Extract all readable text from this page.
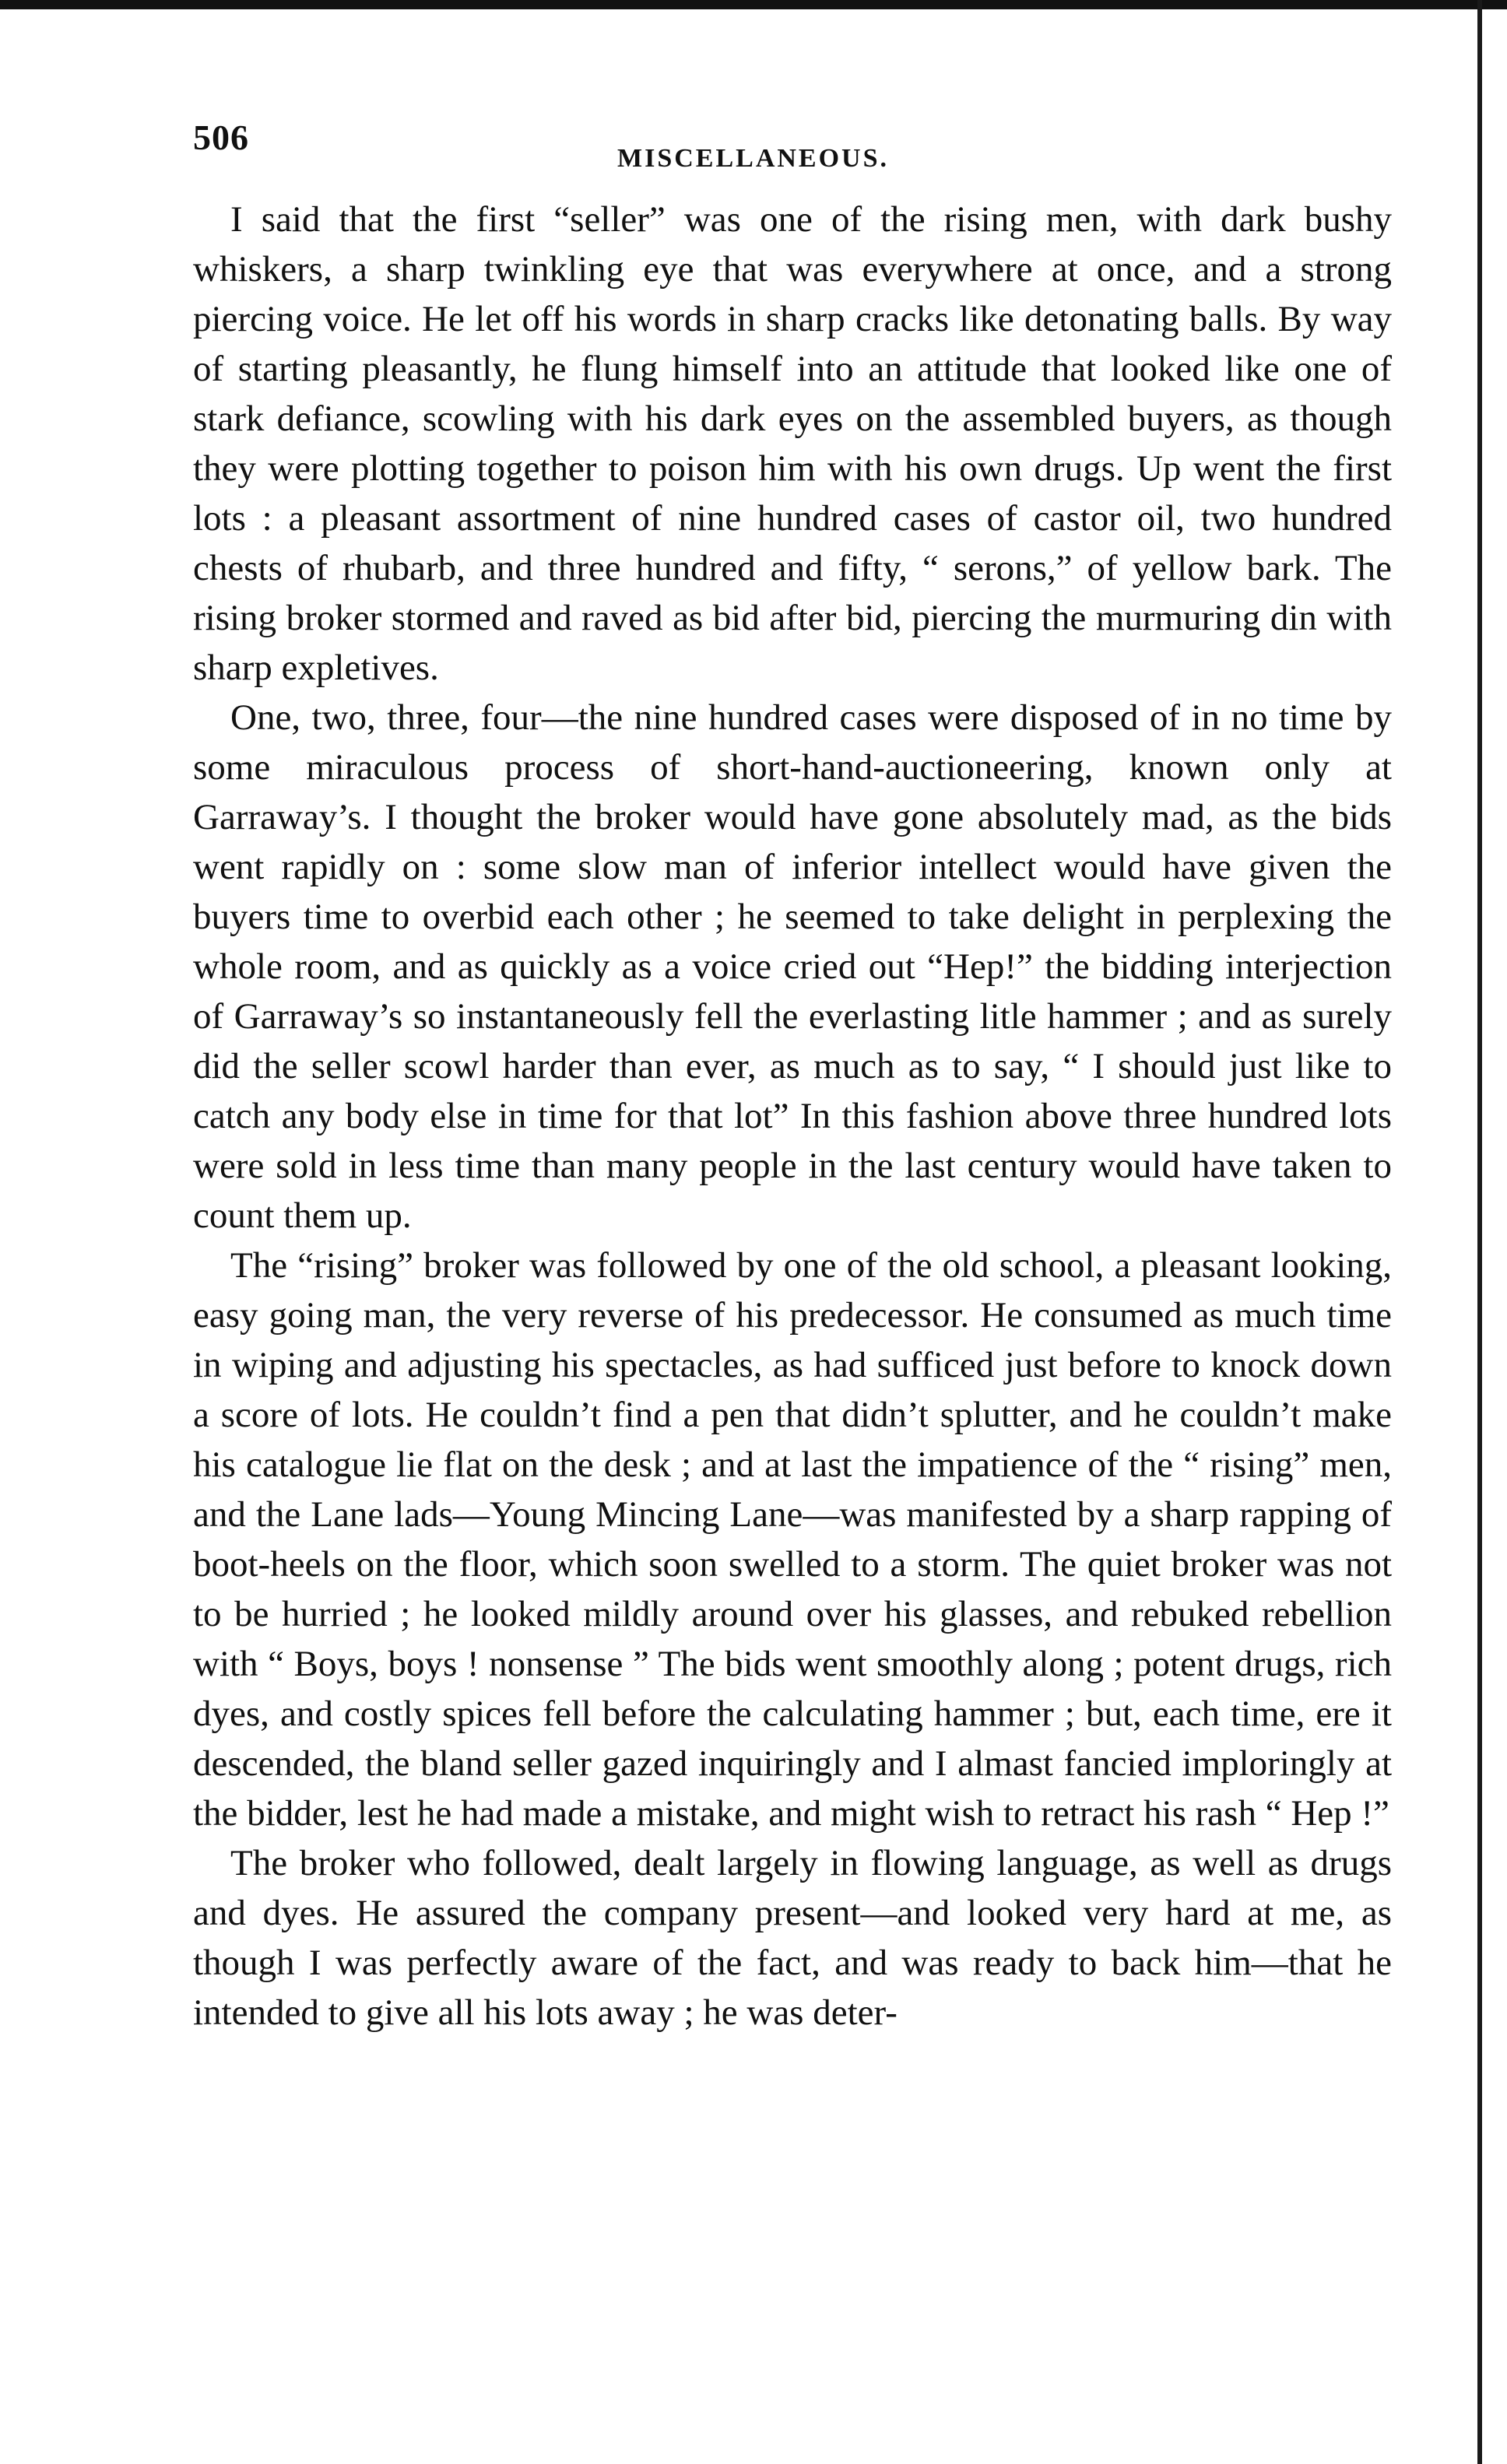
506
MISCELLANEOUS.

I said that the first “seller” was one of the rising men, with dark bushy whiskers, a sharp twinkling eye that was everywhere at once, and a strong piercing voice. He let off his words in sharp cracks like detonating balls. By way of starting pleasantly, he flung himself into an attitude that looked like one of stark defiance, scowling with his dark eyes on the assembled buyers, as though they were plotting together to poison him with his own drugs. Up went the first lots : a pleasant assortment of nine hundred cases of castor oil, two hundred chests of rhubarb, and three hundred and fifty, “ serons,” of yellow bark. The rising broker stormed and raved as bid after bid, piercing the murmuring din with sharp expletives.

One, two, three, four—the nine hundred cases were disposed of in no time by some miraculous process of short-hand-auctioneering, known only at Garraway’s. I thought the broker would have gone absolutely mad, as the bids went rapidly on : some slow man of inferior intellect would have given the buyers time to overbid each other ; he seemed to take delight in perplexing the whole room, and as quickly as a voice cried out “Hep!” the bidding interjection of Garraway’s so instantaneously fell the everlasting litle hammer ; and as surely did the seller scowl harder than ever, as much as to say, “ I should just like to catch any body else in time for that lot” In this fashion above three hundred lots were sold in less time than many people in the last century would have taken to count them up.

The “rising” broker was followed by one of the old school, a pleasant looking, easy going man, the very reverse of his predecessor. He consumed as much time in wiping and adjusting his spectacles, as had sufficed just before to knock down a score of lots. He couldn’t find a pen that didn’t splutter, and he couldn’t make his catalogue lie flat on the desk ; and at last the impatience of the “ rising” men, and the Lane lads—Young Mincing Lane—was manifested by a sharp rapping of boot-heels on the floor, which soon swelled to a storm. The quiet broker was not to be hurried ; he looked mildly around over his glasses, and rebuked rebellion with “ Boys, boys ! nonsense ” The bids went smoothly along ; potent drugs, rich dyes, and costly spices fell before the calculating hammer ; but, each time, ere it descended, the bland seller gazed inquiringly and I almast fancied imploringly at the bidder, lest he had made a mistake, and might wish to retract his rash “ Hep !”

The broker who followed, dealt largely in flowing language, as well as drugs and dyes. He assured the company present—and looked very hard at me, as though I was perfectly aware of the fact, and was ready to back him—that he intended to give all his lots away ; he was deter-
